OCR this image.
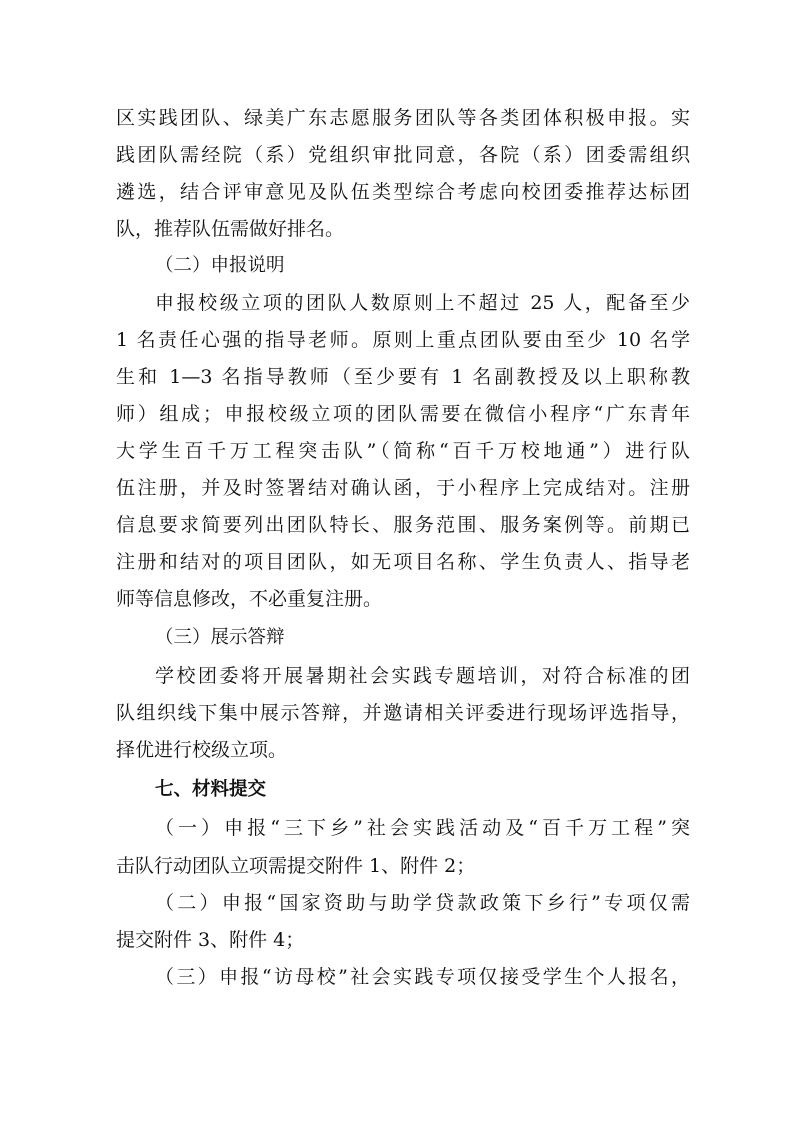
区实践团队、绿美广东志愿服务团队等各类团体积极申报。实
践团队需经院（系）党组织审批同意，各院（系）团委需组织
遴选，结合评审意见及队伍类型综合考虑向校团委推荐达标团
队，推荐队伍需做好排名。
（二）申报说明
申报校级立项的团队人数原则上不超过 25 人，配备至少
1 名责任心强的指导老师。原则上重点团队要由至少 10 名学
生和 1—3 名指导教师（至少要有 1 名副教授及以上职称教
师）组成；申报校级立项的团队需要在微信小程序“广东青年
大学生百千万工程突击队”（简称“百千万校地通”）进行队
伍注册，并及时签署结对确认函，于小程序上完成结对。注册
信息要求简要列出团队特长、服务范围、服务案例等。前期已
注册和结对的项目团队，如无项目名称、学生负责人、指导老
师等信息修改，不必重复注册。
（三）展示答辩
学校团委将开展暑期社会实践专题培训，对符合标准的团
队组织线下集中展示答辩，并邀请相关评委进行现场评选指导，
择优进行校级立项。
七、材料提交
（一）申报“三下乡”社会实践活动及“百千万工程”突
击队行动团队立项需提交附件 1、附件 2；
（二）申报“国家资助与助学贷款政策下乡行”专项仅需
提交附件 3、附件 4；
（三）申报“访母校”社会实践专项仅接受学生个人报名，
